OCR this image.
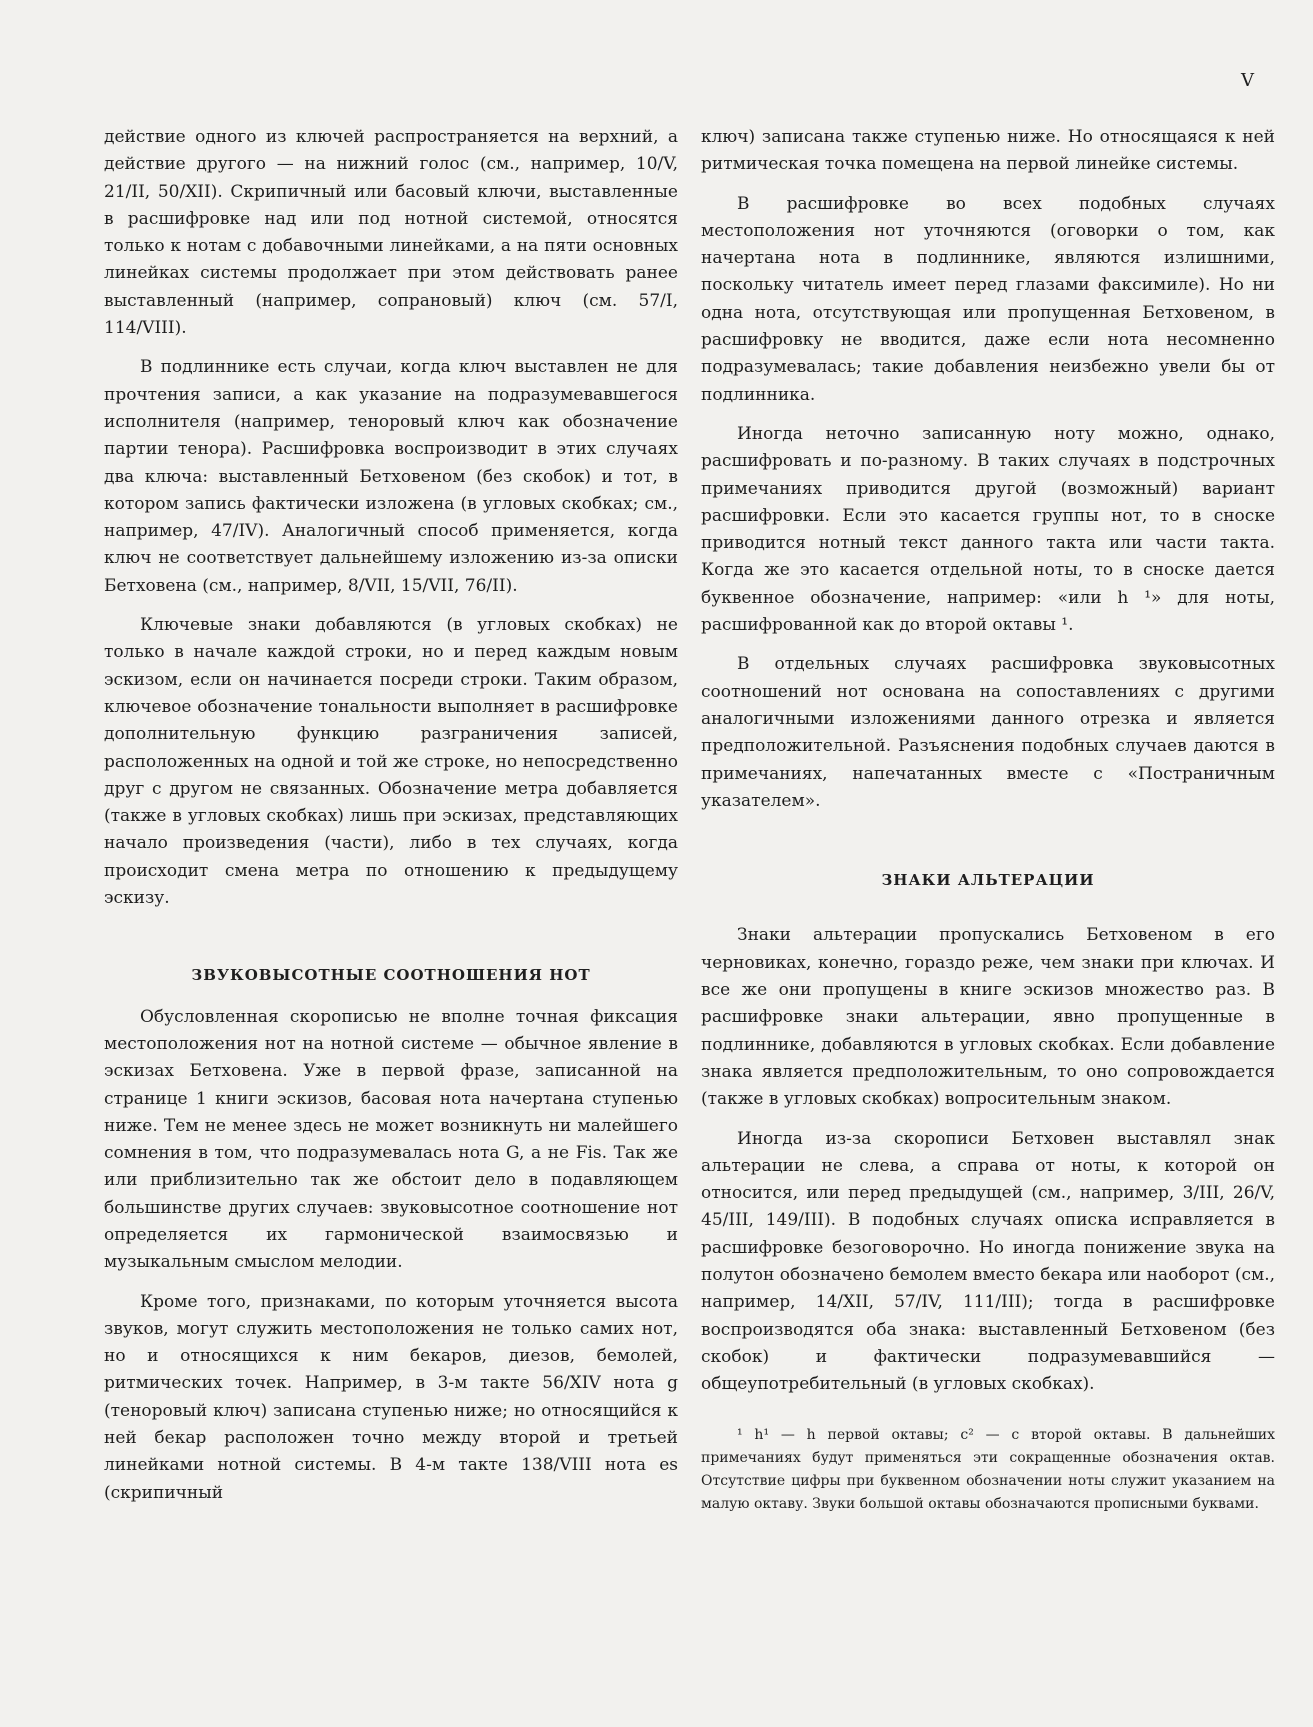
V

действие одного из ключей распространяется на верхний, а действие другого — на нижний голос (см., например, 10/V, 21/II, 50/XII). Скрипичный или басовый ключи, выставленные в расшифровке над или под нотной системой, относятся только к нотам с добавочными линейками, а на пяти основных линейках системы продолжает при этом действовать ранее выставленный (например, сопрановый) ключ (см. 57/I, 114/VIII).

В подлиннике есть случаи, когда ключ выставлен не для прочтения записи, а как указание на подразумевавшегося исполнителя (например, теноровый ключ как обозначение партии тенора). Расшифровка воспроизводит в этих случаях два ключа: выставленный Бетховеном (без скобок) и тот, в котором запись фактически изложена (в угловых скобках; см., например, 47/IV). Аналогичный способ применяется, когда ключ не соответствует дальнейшему изложению из-за описки Бетховена (см., например, 8/VII, 15/VII, 76/II).

Ключевые знаки добавляются (в угловых скобках) не только в начале каждой строки, но и перед каждым новым эскизом, если он начинается посреди строки. Таким образом, ключевое обозначение тональности выполняет в расшифровке дополнительную функцию разграничения записей, расположенных на одной и той же строке, но непосредственно друг с другом не связанных. Обозначение метра добавляется (также в угловых скобках) лишь при эскизах, представляющих начало произведения (части), либо в тех случаях, когда происходит смена метра по отношению к предыдущему эскизу.

ЗВУКОВЫСОТНЫЕ СООТНОШЕНИЯ НОТ

Обусловленная скорописью не вполне точная фиксация местоположения нот на нотной системе — обычное явление в эскизах Бетховена. Уже в первой фразе, записанной на странице 1 книги эскизов, басовая нота начертана ступенью ниже. Тем не менее здесь не может возникнуть ни малейшего сомнения в том, что подразумевалась нота G, а не Fis. Так же или приблизительно так же обстоит дело в подавляющем большинстве других случаев: звуковысотное соотношение нот определяется их гармонической взаимосвязью и музыкальным смыслом мелодии.

Кроме того, признаками, по которым уточняется высота звуков, могут служить местоположения не только самих нот, но и относящихся к ним бекаров, диезов, бемолей, ритмических точек. Например, в 3-м такте 56/XIV нота g (теноровый ключ) записана ступенью ниже; но относящийся к ней бекар расположен точно между второй и третьей линейками нотной системы. В 4-м такте 138/VIII нота es (скрипичный

ключ) записана также ступенью ниже. Но относящаяся к ней ритмическая точка помещена на первой линейке системы.

В расшифровке во всех подобных случаях местоположения нот уточняются (оговорки о том, как начертана нота в подлиннике, являются излишними, поскольку читатель имеет перед глазами факсимиле). Но ни одна нота, отсутствующая или пропущенная Бетховеном, в расшифровку не вводится, даже если нота несомненно подразумевалась; такие добавления неизбежно увели бы от подлинника.

Иногда неточно записанную ноту можно, однако, расшифровать и по-разному. В таких случаях в подстрочных примечаниях приводится другой (возможный) вариант расшифровки. Если это касается группы нот, то в сноске приводится нотный текст данного такта или части такта. Когда же это касается отдельной ноты, то в сноске дается буквенное обозначение, например: «или h ¹» для ноты, расшифрованной как до второй октавы ¹.

В отдельных случаях расшифровка звуковысотных соотношений нот основана на сопоставлениях с другими аналогичными изложениями данного отрезка и является предположительной. Разъяснения подобных случаев даются в примечаниях, напечатанных вместе с «Постраничным указателем».

ЗНАКИ АЛЬТЕРАЦИИ

Знаки альтерации пропускались Бетховеном в его черновиках, конечно, гораздо реже, чем знаки при ключах. И все же они пропущены в книге эскизов множество раз. В расшифровке знаки альтерации, явно пропущенные в подлиннике, добавляются в угловых скобках. Если добавление знака является предположительным, то оно сопровождается (также в угловых скобках) вопросительным знаком.

Иногда из-за скорописи Бетховен выставлял знак альтерации не слева, а справа от ноты, к которой он относится, или перед предыдущей (см., например, 3/III, 26/V, 45/III, 149/III). В подобных случаях описка исправляется в расшифровке безоговорочно. Но иногда понижение звука на полутон обозначено бемолем вместо бекара или наоборот (см., например, 14/XII, 57/IV, 111/III); тогда в расшифровке воспроизводятся оба знака: выставленный Бетховеном (без скобок) и фактически подразумевавшийся — общеупотребительный (в угловых скобках).

¹ h¹ — h первой октавы; c² — c второй октавы. В дальнейших примечаниях будут применяться эти сокращенные обозначения октав. Отсутствие цифры при буквенном обозначении ноты служит указанием на малую октаву. Звуки большой октавы обозначаются прописными буквами.
